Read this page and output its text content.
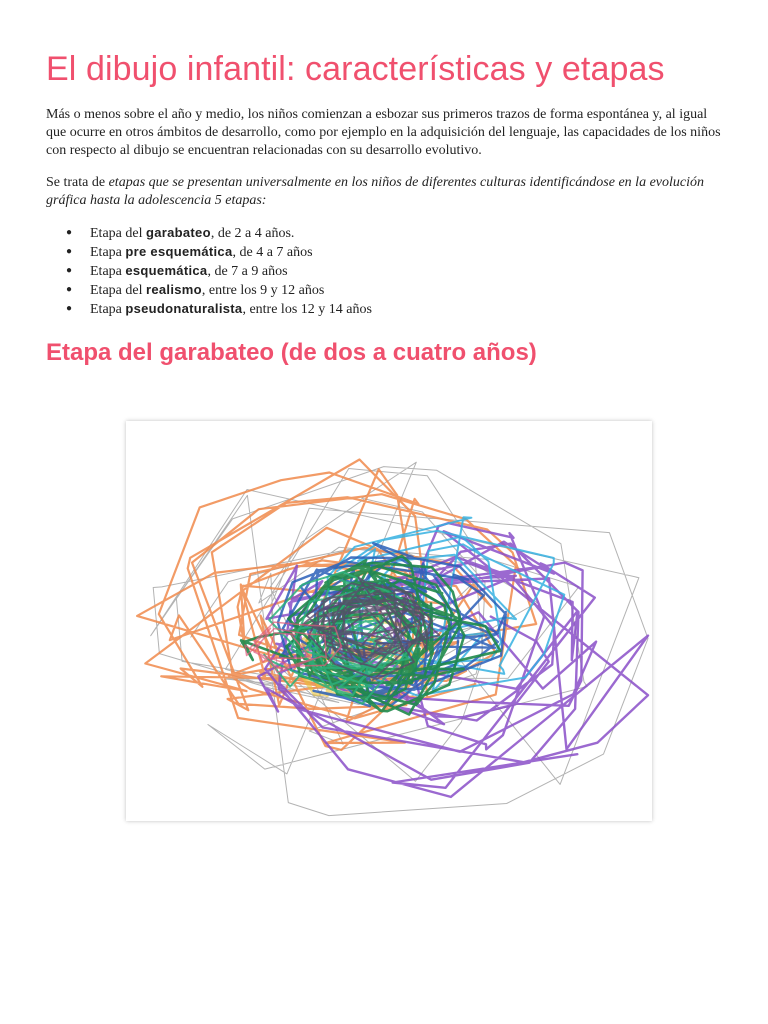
El dibujo infantil: características y etapas

Más o menos sobre el año y medio, los niños comienzan a esbozar sus primeros trazos de forma espontánea y, al igual que ocurre en otros ámbitos de desarrollo, como por ejemplo en la adquisición del lenguaje, las capacidades de los niños con respecto al dibujo se encuentran relacionadas con su desarrollo evolutivo.

Se trata de etapas que se presentan universalmente en los niños de diferentes culturas identificándose en la evolución gráfica hasta la adolescencia 5 etapas:

● Etapa del garabateo, de 2 a 4 años.
● Etapa pre esquemática, de 4 a 7 años
● Etapa esquemática, de 7 a 9 años
● Etapa del realismo, entre los 9 y 12 años
● Etapa pseudonaturalista, entre los 12 y 14 años
Etapa del garabateo (de dos a cuatro años)
